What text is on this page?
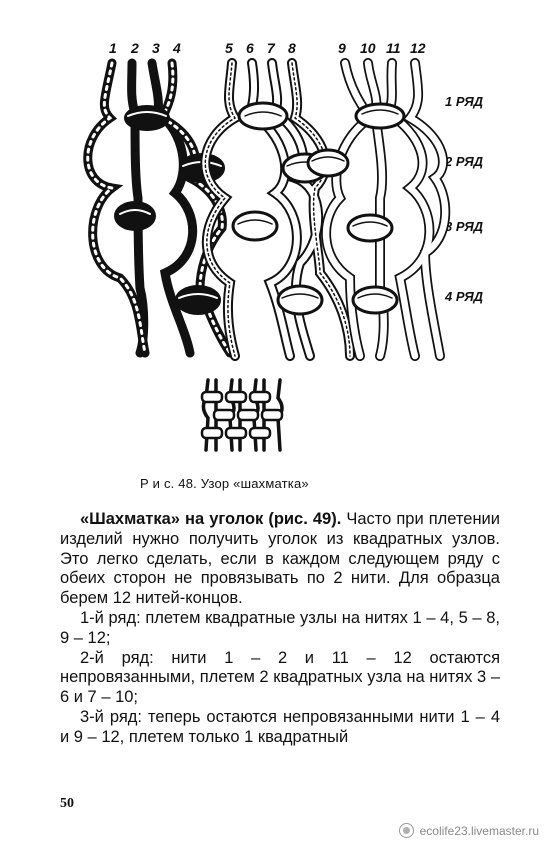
1 2 3 4	5 6 7 8	9 10 11 12
1 РЯД
2 РЯД
3 РЯД
4 РЯД
Р и с. 48. Узор «шахматка»

«Шахматка» на уголок (рис. 49). Часто при плетении изделий нужно получить уголок из квадратных узлов. Это легко сделать, если в каждом следующем ряду с обеих сторон не провязывать по 2 нити. Для образца берем 12 нитей-концов.

1-й ряд: плетем квадратные узлы на нитях 1 – 4, 5 – 8, 9 – 12;

2-й ряд: нити 1 – 2 и 11 – 12 остаются непровязанными, плетем 2 квадратных узла на нитях 3 – 6 и 7 – 10;

3-й ряд: теперь остаются непровязанными нити 1 – 4 и 9 – 12, плетем только 1 квадратный

50
ecolife23.livemaster.ru
